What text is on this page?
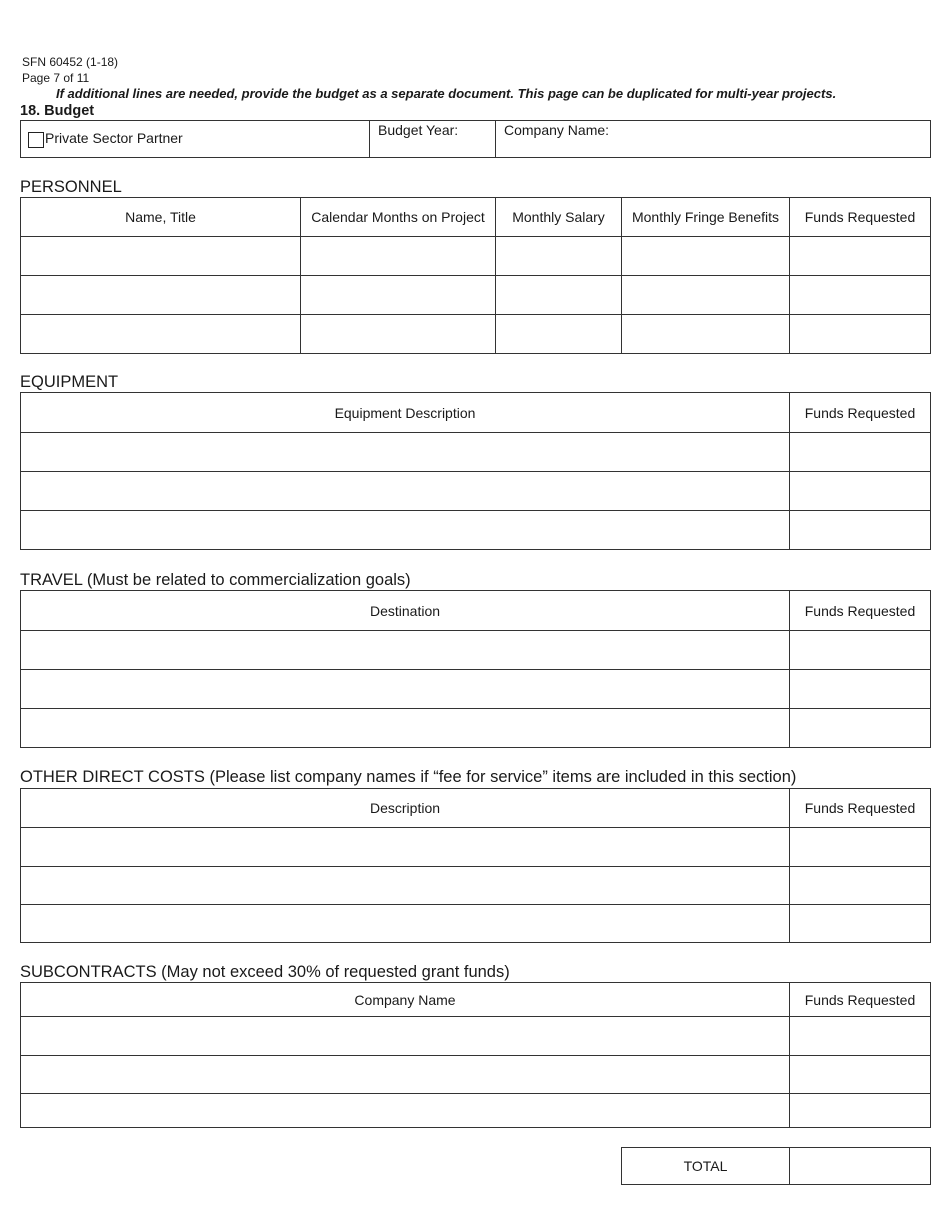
SFN 60452 (1-18)
Page 7 of 11
If additional lines are needed, provide the budget as a separate document. This page can be duplicated for multi-year projects.
18. Budget
Private Sector Partner	Budget Year:	Company Name:
PERSONNEL
Name, Title	Calendar Months on Project	Monthly Salary	Monthly Fringe Benefits	Funds Requested

EQUIPMENT
Equipment Description	Funds Requested

TRAVEL (Must be related to commercialization goals)
Destination	Funds Requested

OTHER DIRECT COSTS (Please list company names if “fee for service” items are included in this section)
Description	Funds Requested

SUBCONTRACTS (May not exceed 30% of requested grant funds)
Company Name	Funds Requested

TOTAL	
